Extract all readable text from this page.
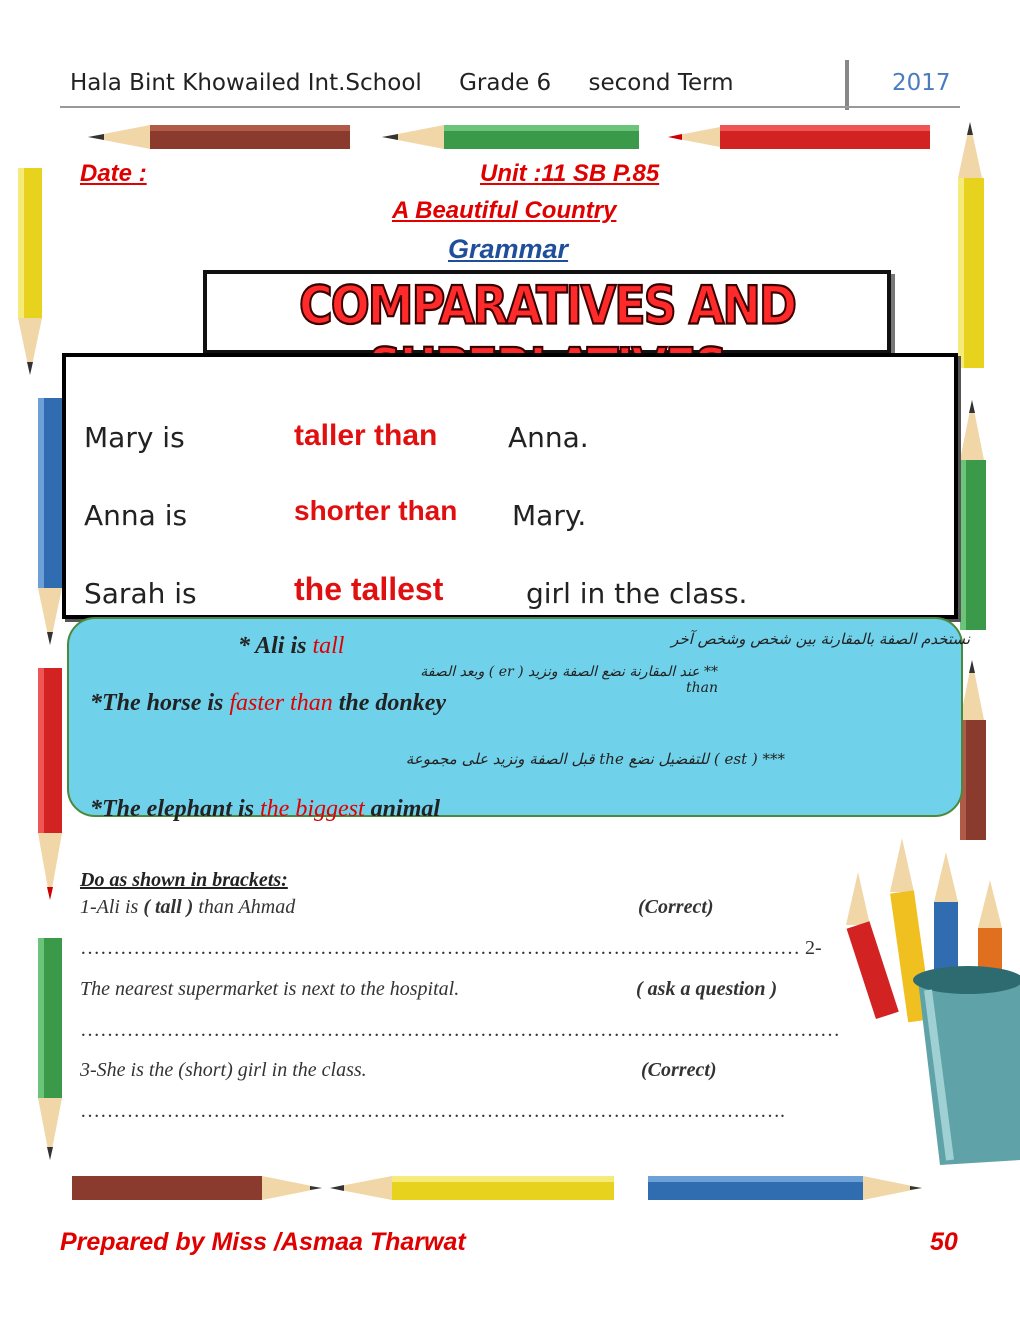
Hala Bint Khowailed Int.School Grade 6 second Term	2017
Date :	Unit :11 SB P.85
A Beautiful Country
Grammar
COMPARATIVES AND
Mary is	taller than	Anna.
Anna is	shorter than Mary.
Sarah is	the tallest	girl in the class.
* Ali is tall	نستخدم الصفة بالمقارنة بين شخص وشخص آخر
** عند المقارنة نضع الصفة ونزيد ( er ) وبعد الصفة than
*The horse is faster than the donkey
*** ( est ) للتفضيل نضع the قبل الصفة ونزيد على مجموعة
*The elephant is the biggest animal
Do as shown in brackets:
1-Ali is ( tall ) than Ahmad	(Correct)
……………………………………………………………………………………………… 2-
The nearest supermarket is next to the hospital.	( ask a question )
……………………………………………………………………………………………………
3-She is the (short) girl in the class.	(Correct)
…………………………………………………………………………………………….
Prepared by Miss /Asmaa Tharwat	50
